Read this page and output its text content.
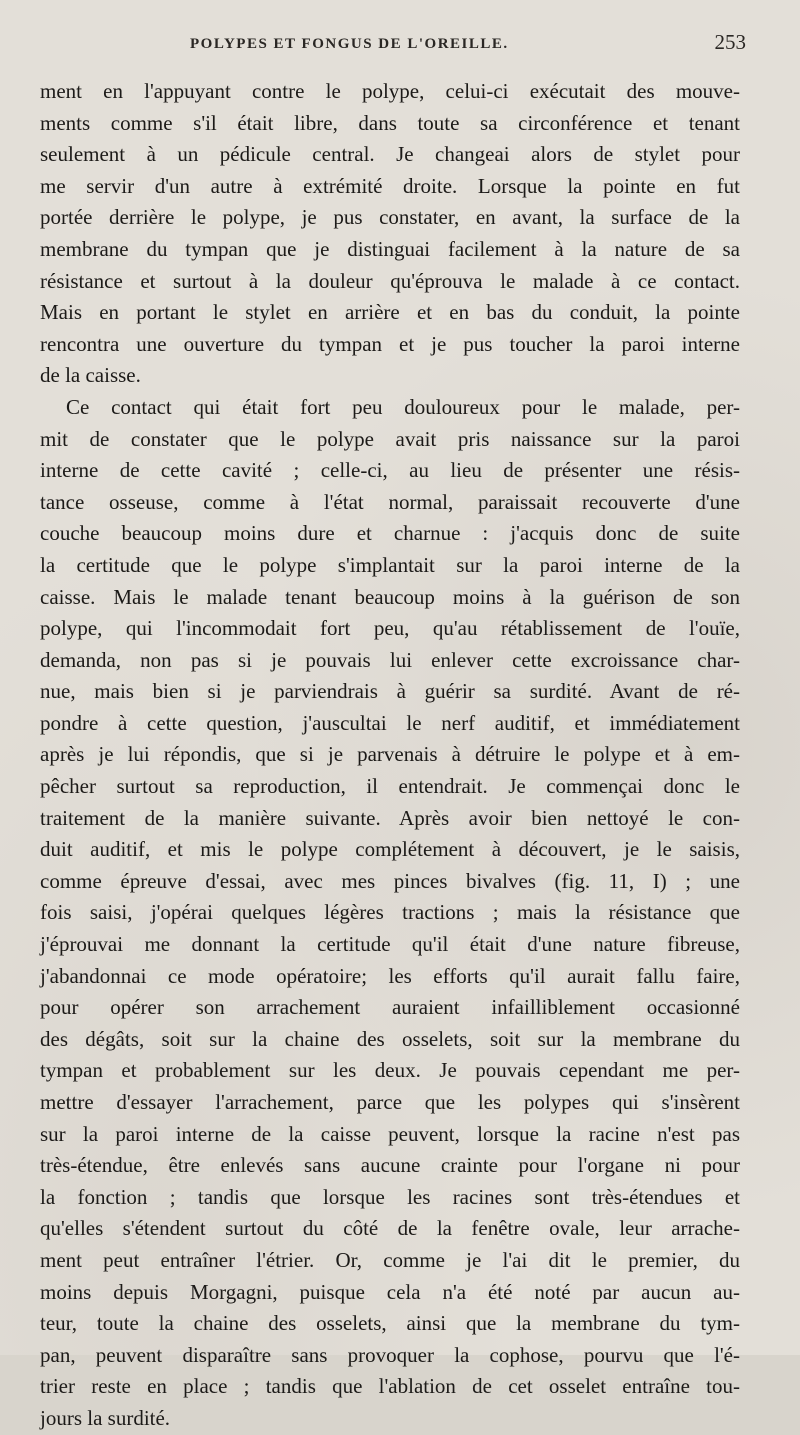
POLYPES ET FONGUS DE L'OREILLE.	253
ment en l'appuyant contre le polype, celui-ci exécutait des mouve-
ments comme s'il était libre, dans toute sa circonférence et tenant
seulement à un pédicule central. Je changeai alors de stylet pour
me servir d'un autre à extrémité droite. Lorsque la pointe en fut
portée derrière le polype, je pus constater, en avant, la surface de la
membrane du tympan que je distinguai facilement à la nature de sa
résistance et surtout à la douleur qu'éprouva le malade à ce contact.
Mais en portant le stylet en arrière et en bas du conduit, la pointe
rencontra une ouverture du tympan et je pus toucher la paroi interne
de la caisse.
Ce contact qui était fort peu douloureux pour le malade, per-
mit de constater que le polype avait pris naissance sur la paroi
interne de cette cavité ; celle-ci, au lieu de présenter une résis-
tance osseuse, comme à l'état normal, paraissait recouverte d'une
couche beaucoup moins dure et charnue : j'acquis donc de suite
la certitude que le polype s'implantait sur la paroi interne de la
caisse. Mais le malade tenant beaucoup moins à la guérison de son
polype, qui l'incommodait fort peu, qu'au rétablissement de l'ouïe,
demanda, non pas si je pouvais lui enlever cette excroissance char-
nue, mais bien si je parviendrais à guérir sa surdité. Avant de ré-
pondre à cette question, j'auscultai le nerf auditif, et immédiatement
après je lui répondis, que si je parvenais à détruire le polype et à em-
pêcher surtout sa reproduction, il entendrait. Je commençai donc le
traitement de la manière suivante. Après avoir bien nettoyé le con-
duit auditif, et mis le polype complétement à découvert, je le saisis,
comme épreuve d'essai, avec mes pinces bivalves (fig. 11, I) ; une
fois saisi, j'opérai quelques légères tractions ; mais la résistance que
j'éprouvai me donnant la certitude qu'il était d'une nature fibreuse,
j'abandonnai ce mode opératoire; les efforts qu'il aurait fallu faire,
pour opérer son arrachement auraient infailliblement occasionné
des dégâts, soit sur la chaine des osselets, soit sur la membrane du
tympan et probablement sur les deux. Je pouvais cependant me per-
mettre d'essayer l'arrachement, parce que les polypes qui s'insèrent
sur la paroi interne de la caisse peuvent, lorsque la racine n'est pas
très-étendue, être enlevés sans aucune crainte pour l'organe ni pour
la fonction ; tandis que lorsque les racines sont très-étendues et
qu'elles s'étendent surtout du côté de la fenêtre ovale, leur arrache-
ment peut entraîner l'étrier. Or, comme je l'ai dit le premier, du
moins depuis Morgagni, puisque cela n'a été noté par aucun au-
teur, toute la chaine des osselets, ainsi que la membrane du tym-
pan, peuvent disparaître sans provoquer la cophose, pourvu que l'é-
trier reste en place ; tandis que l'ablation de cet osselet entraîne tou-
jours la surdité.
